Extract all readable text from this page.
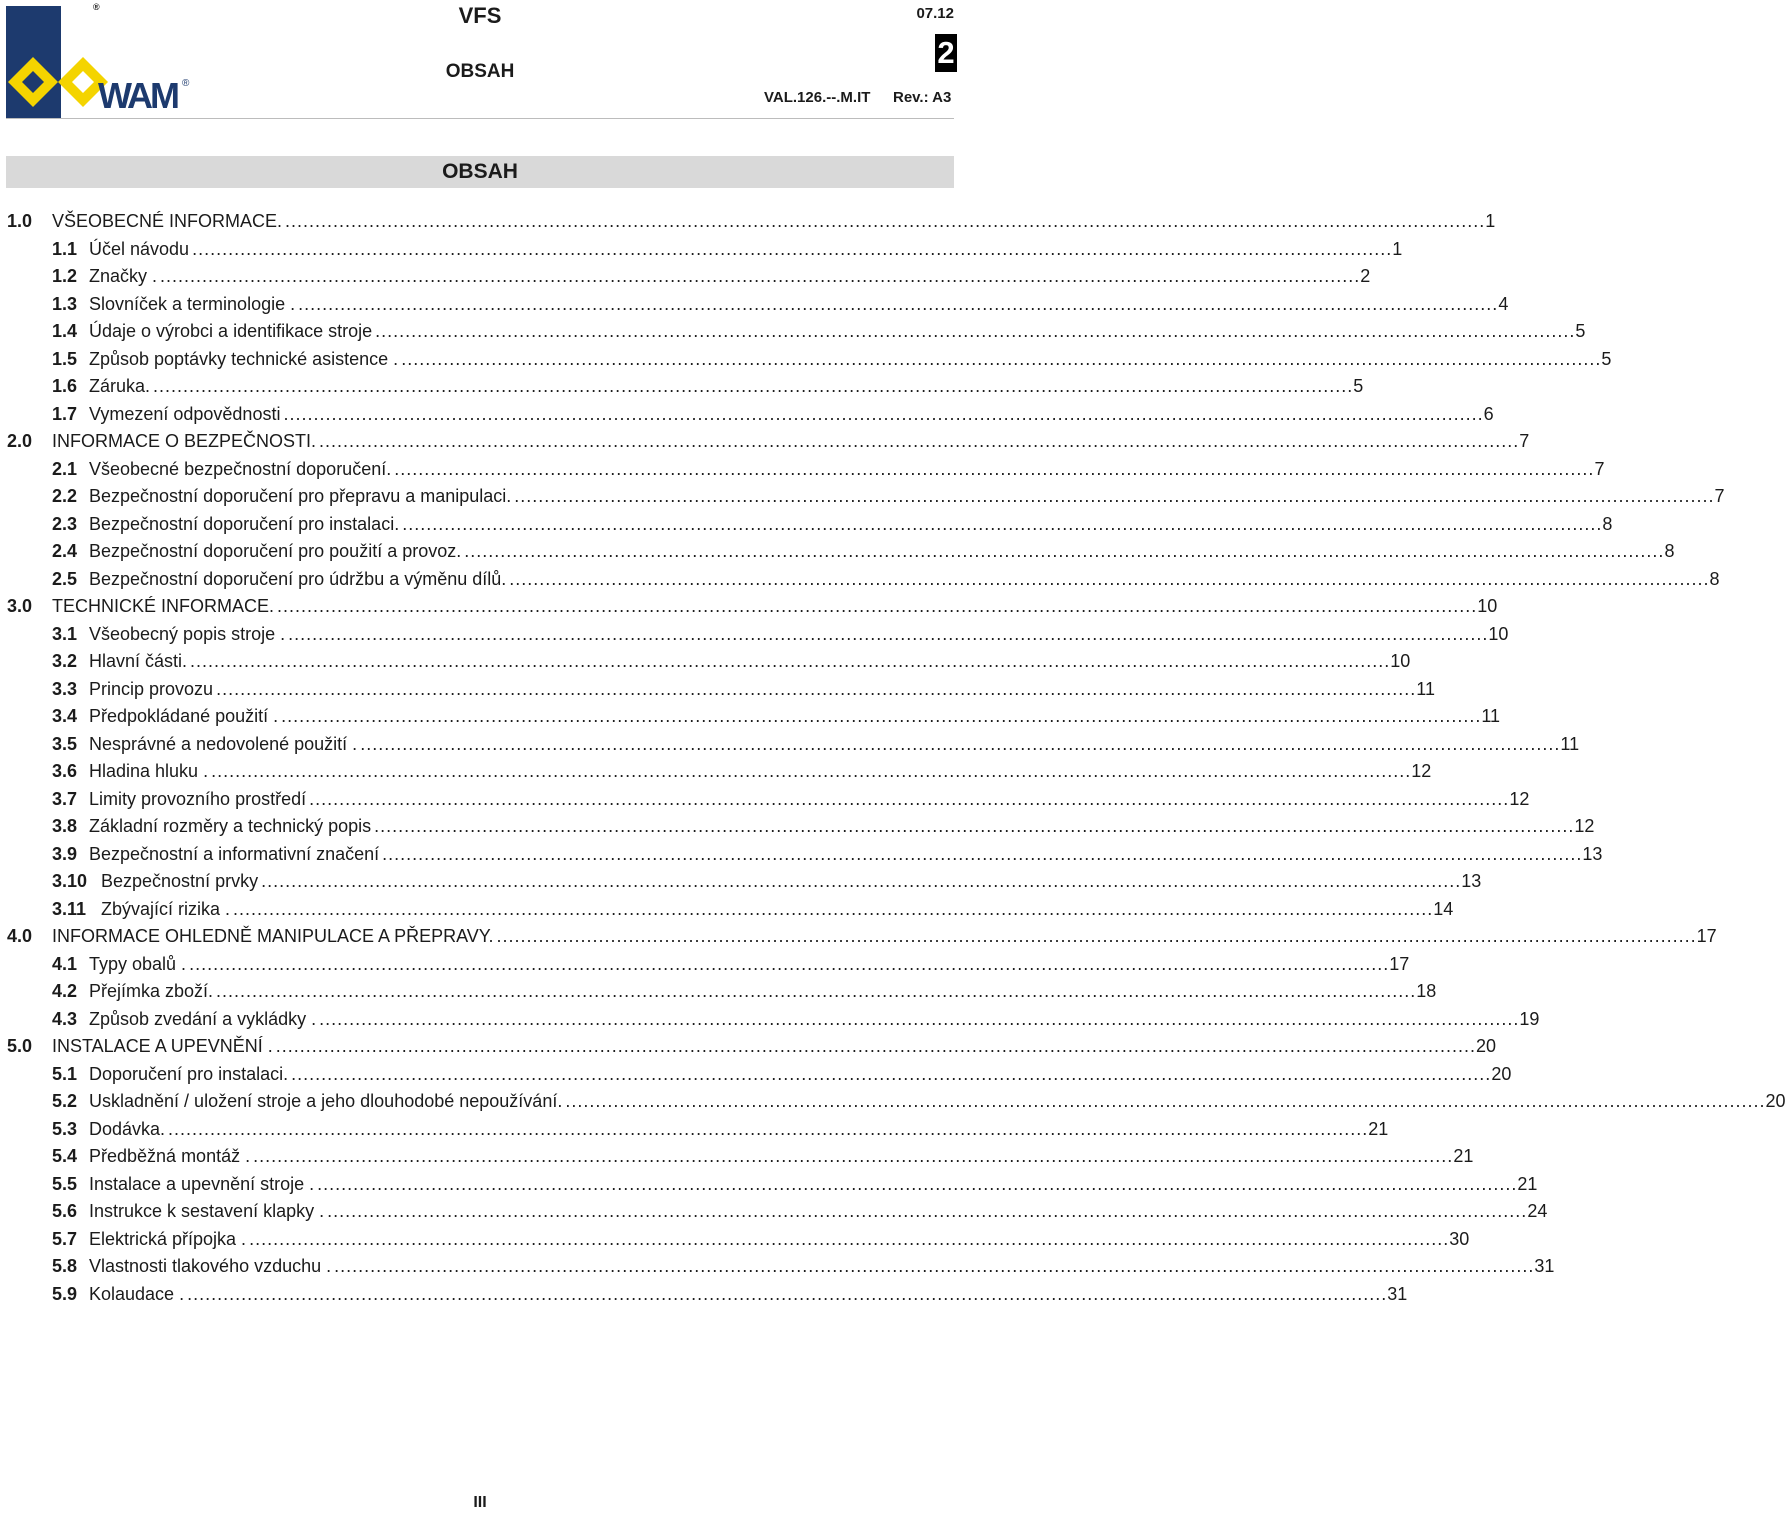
WAM ®
®	VFS
OBSAH
07.12
2
VAL.126.--.M.IT Rev.: A3
OBSAH
1.0 VŠEOBECNÉ INFORMACE. ........................................................................................................................................................................................................ 1
1.1 Účel návodu ........................................................................................................................................................................................................ 1
1.2 Značky . ........................................................................................................................................................................................................ 2
1.3 Slovníček a terminologie . ........................................................................................................................................................................................................ 4
1.4 Údaje o výrobci a identifikace stroje ........................................................................................................................................................................................................ 5
1.5 Způsob poptávky technické asistence . ........................................................................................................................................................................................................ 5
1.6 Záruka. ........................................................................................................................................................................................................ 5
1.7 Vymezení odpovědnosti ........................................................................................................................................................................................................ 6
2.0 INFORMACE O BEZPEČNOSTI. ........................................................................................................................................................................................................ 7
2.1 Všeobecné bezpečnostní doporučení. ........................................................................................................................................................................................................ 7
2.2 Bezpečnostní doporučení pro přepravu a manipulaci. ........................................................................................................................................................................................................ 7
2.3 Bezpečnostní doporučení pro instalaci. ........................................................................................................................................................................................................ 8
2.4 Bezpečnostní doporučení pro použití a provoz. ........................................................................................................................................................................................................ 8
2.5 Bezpečnostní doporučení pro údržbu a výměnu dílů. ........................................................................................................................................................................................................ 8
3.0 TECHNICKÉ INFORMACE. ........................................................................................................................................................................................................ 10
3.1 Všeobecný popis stroje . ........................................................................................................................................................................................................ 10
3.2 Hlavní části. ........................................................................................................................................................................................................ 10
3.3 Princip provozu ........................................................................................................................................................................................................ 11
3.4 Předpokládané použití . ........................................................................................................................................................................................................ 11
3.5 Nesprávné a nedovolené použití . ........................................................................................................................................................................................................ 11
3.6 Hladina hluku . ........................................................................................................................................................................................................ 12
3.7 Limity provozního prostředí ........................................................................................................................................................................................................ 12
3.8 Základní rozměry a technický popis ........................................................................................................................................................................................................ 12
3.9 Bezpečnostní a informativní značení ........................................................................................................................................................................................................ 13
3.10 Bezpečnostní prvky ........................................................................................................................................................................................................ 13
3.11 Zbývající rizika . ........................................................................................................................................................................................................ 14
4.0 INFORMACE OHLEDNĚ MANIPULACE A PŘEPRAVY. ........................................................................................................................................................................................................ 17
4.1 Typy obalů . ........................................................................................................................................................................................................ 17
4.2 Přejímka zboží. ........................................................................................................................................................................................................ 18
4.3 Způsob zvedání a vykládky . ........................................................................................................................................................................................................ 19
5.0 INSTALACE A UPEVNĚNÍ . ........................................................................................................................................................................................................ 20
5.1 Doporučení pro instalaci. ........................................................................................................................................................................................................ 20
5.2 Uskladnění / uložení stroje a jeho dlouhodobé nepoužívání. ........................................................................................................................................................................................................ 20
5.3 Dodávka. ........................................................................................................................................................................................................ 21
5.4 Předběžná montáž . ........................................................................................................................................................................................................ 21
5.5 Instalace a upevnění stroje . ........................................................................................................................................................................................................ 21
5.6 Instrukce k sestavení klapky . ........................................................................................................................................................................................................ 24
5.7 Elektrická přípojka . ........................................................................................................................................................................................................ 30
5.8 Vlastnosti tlakového vzduchu . ........................................................................................................................................................................................................ 31
5.9 Kolaudace . ........................................................................................................................................................................................................ 31
III
